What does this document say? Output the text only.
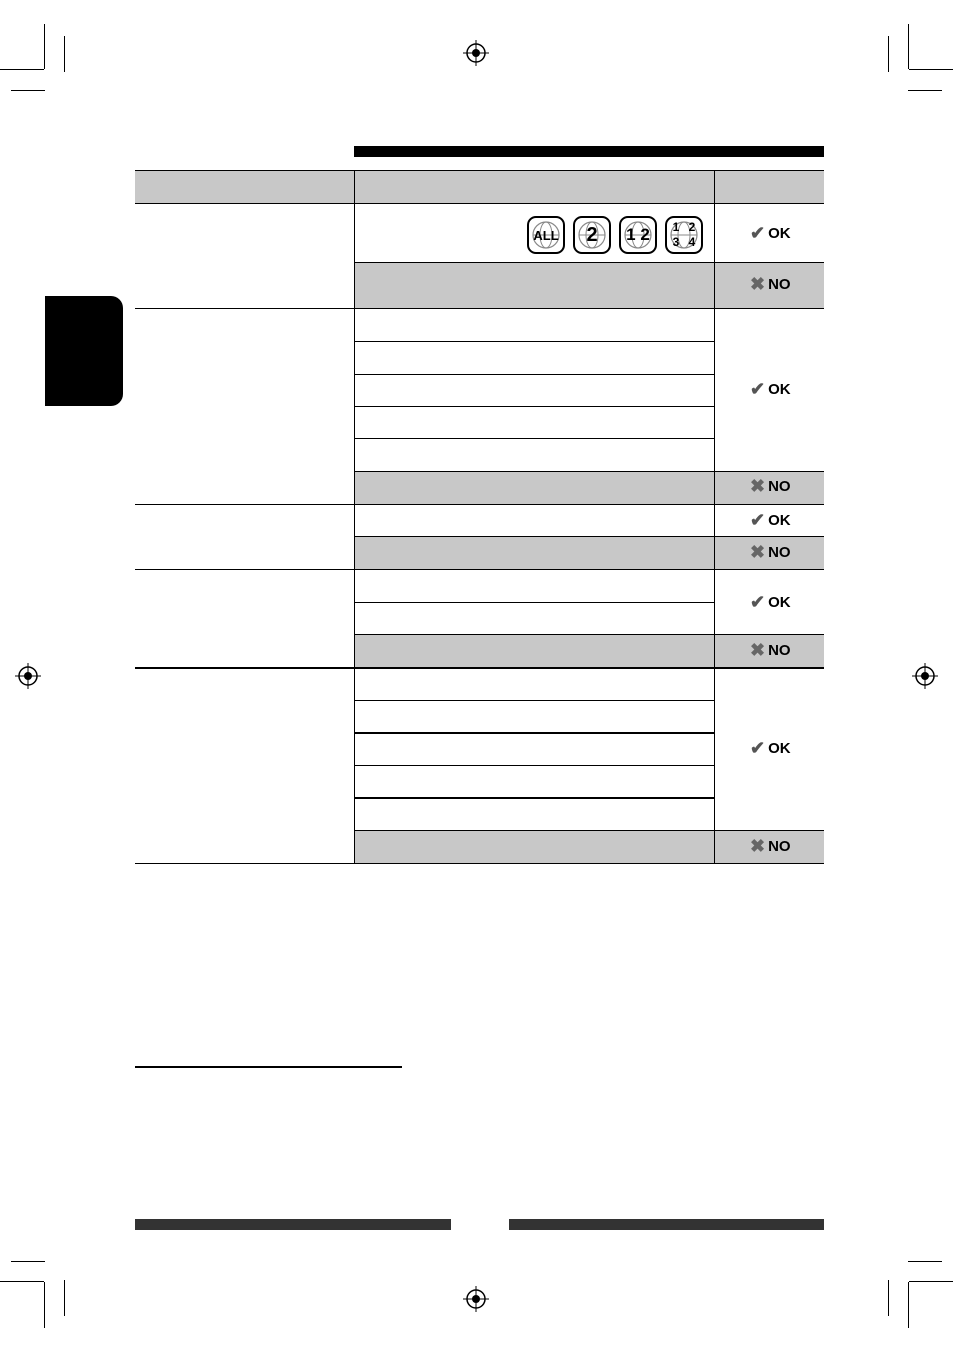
ALL	2	1 2	1 2 3 4	✔ OK
✖ NO
✔ OK
✖ NO
✔ OK
✖ NO
✔ OK
✖ NO
✔ OK
✖ NO
